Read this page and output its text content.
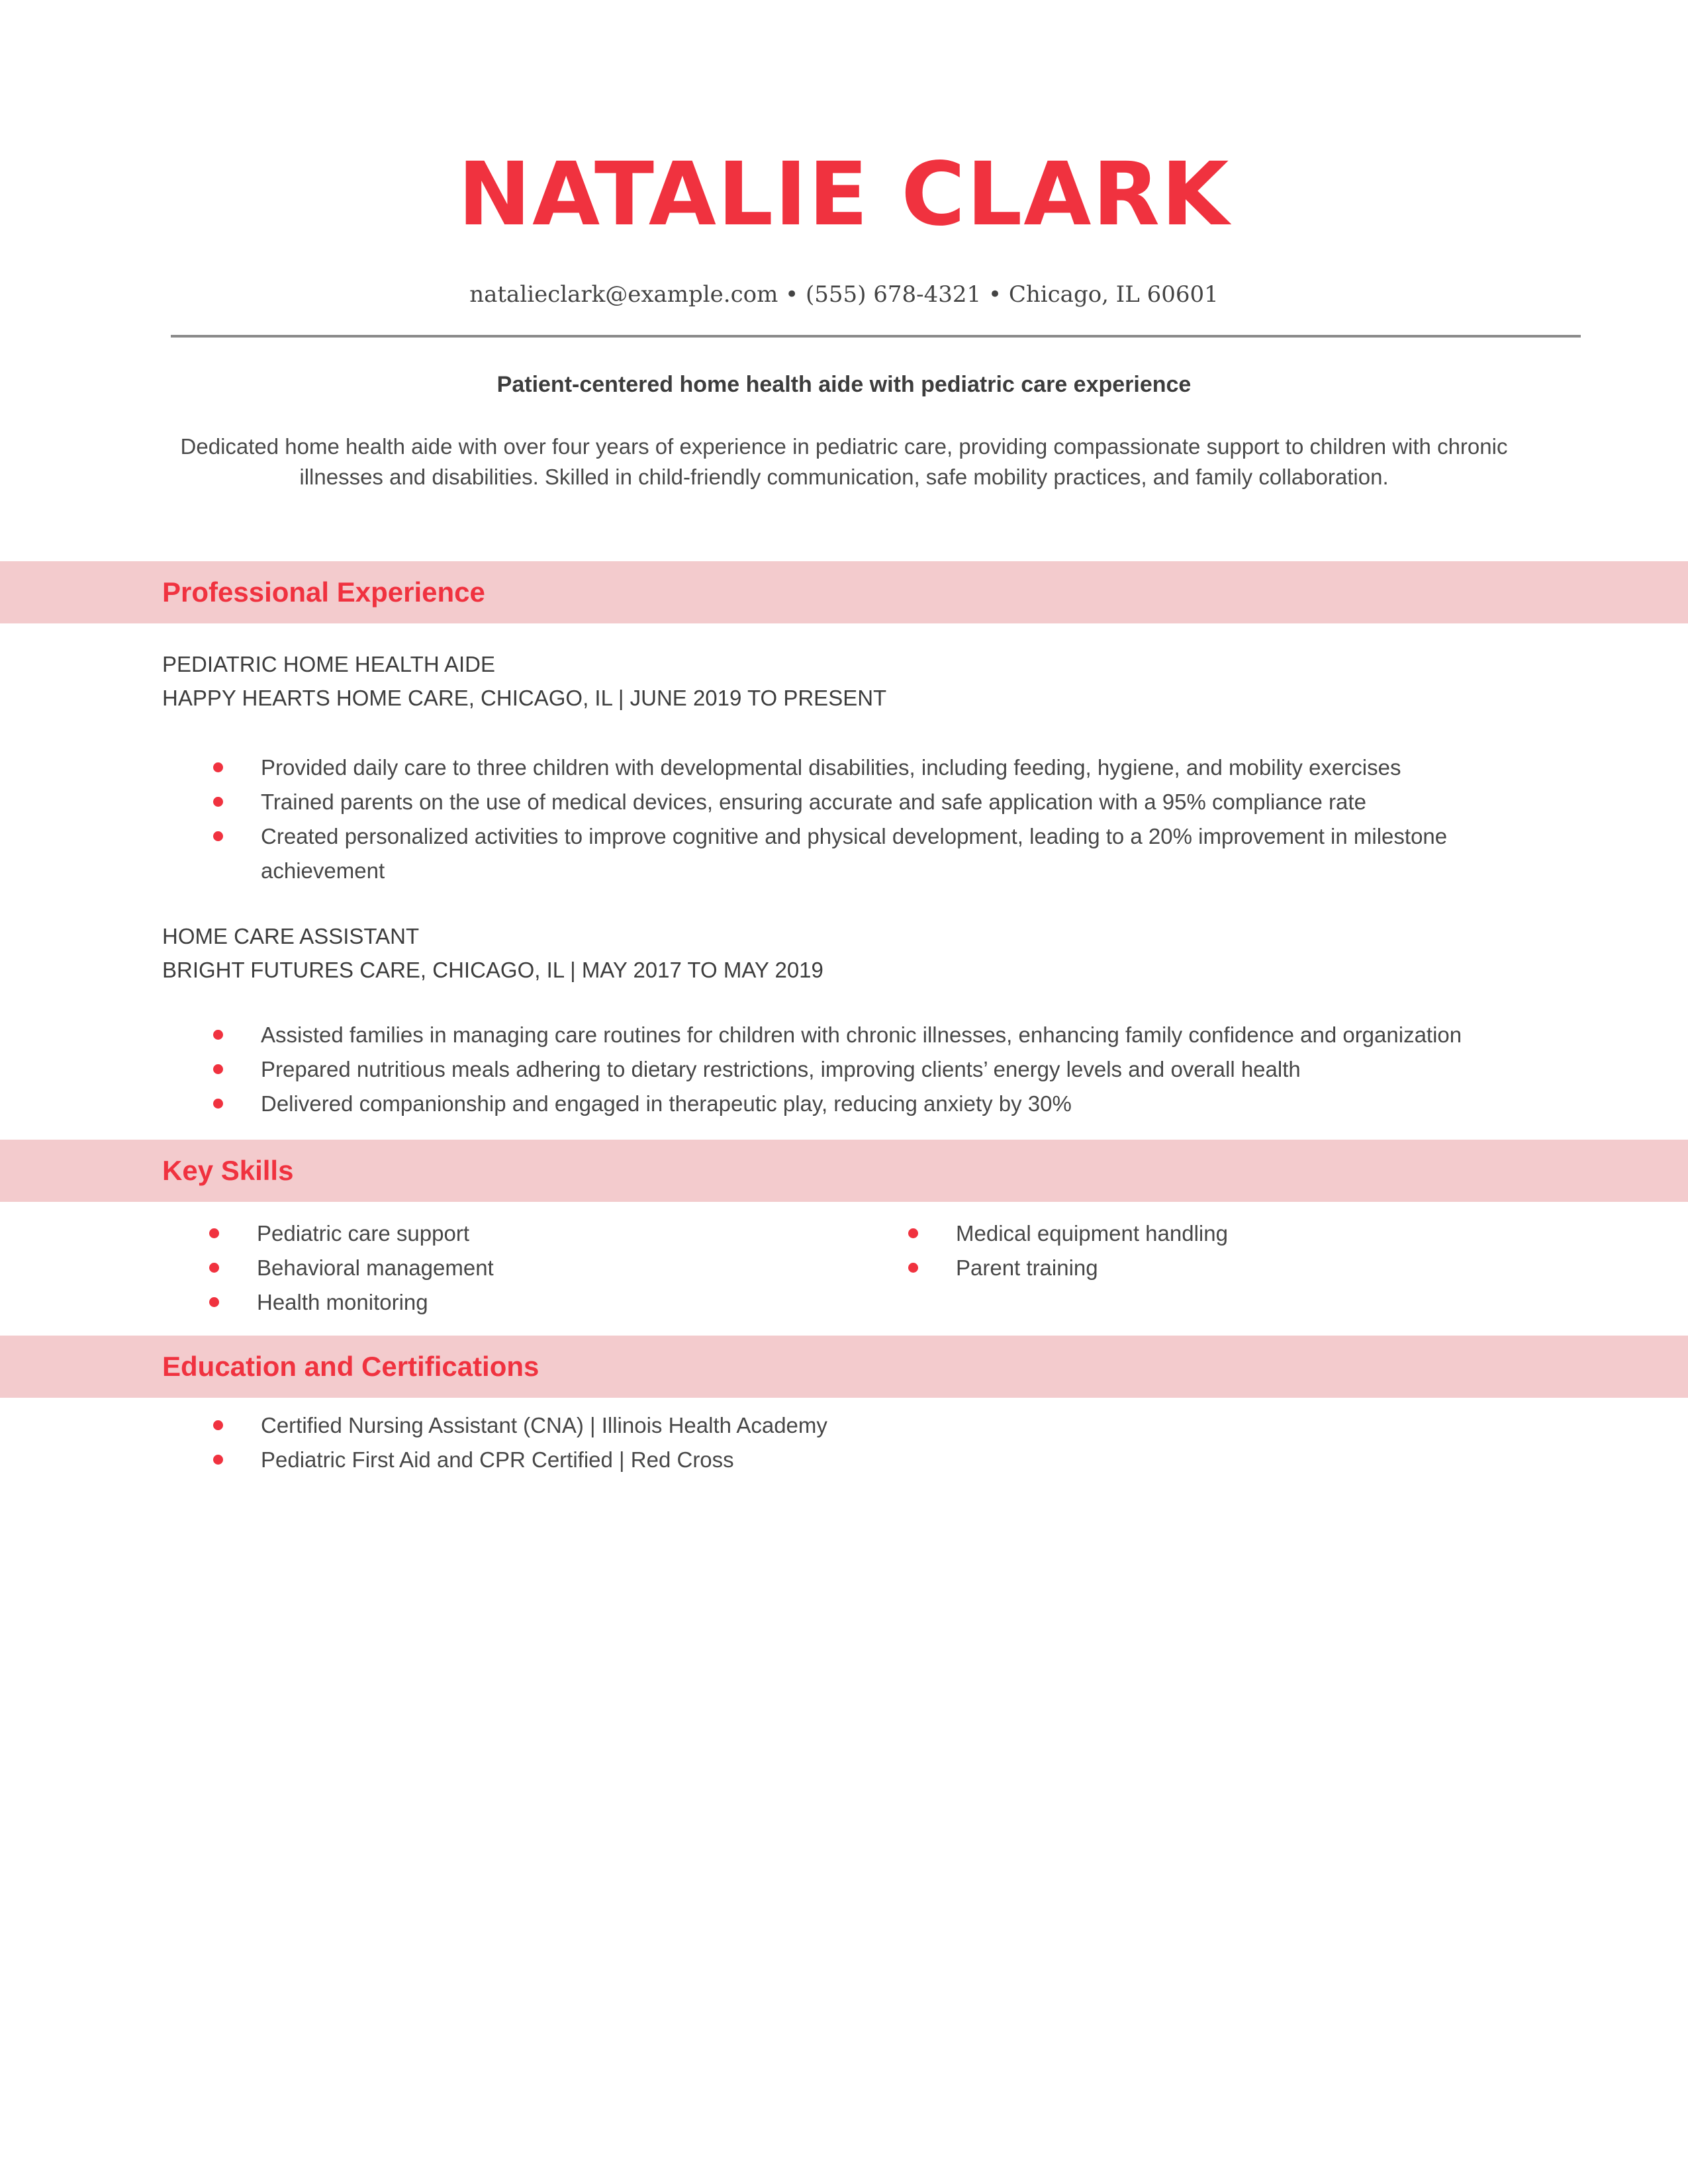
NATALIE CLARK
natalieclark@example.com • (555) 678-4321 • Chicago, IL 60601
Patient-centered home health aide with pediatric care experience
Dedicated home health aide with over four years of experience in pediatric care, providing compassionate support to children with chronic illnesses and disabilities. Skilled in child-friendly communication, safe mobility practices, and family collaboration.
Professional Experience
PEDIATRIC HOME HEALTH AIDE
HAPPY HEARTS HOME CARE, CHICAGO, IL | JUNE 2019 TO PRESENT
Provided daily care to three children with developmental disabilities, including feeding, hygiene, and mobility exercises
Trained parents on the use of medical devices, ensuring accurate and safe application with a 95% compliance rate
Created personalized activities to improve cognitive and physical development, leading to a 20% improvement in milestone achievement
HOME CARE ASSISTANT
BRIGHT FUTURES CARE, CHICAGO, IL | MAY 2017 TO MAY 2019
Assisted families in managing care routines for children with chronic illnesses, enhancing family confidence and organization
Prepared nutritious meals adhering to dietary restrictions, improving clients’ energy levels and overall health
Delivered companionship and engaged in therapeutic play, reducing anxiety by 30%
Key Skills
Pediatric care support
Behavioral management
Health monitoring
Medical equipment handling
Parent training
Education and Certifications
Certified Nursing Assistant (CNA) | Illinois Health Academy
Pediatric First Aid and CPR Certified | Red Cross
